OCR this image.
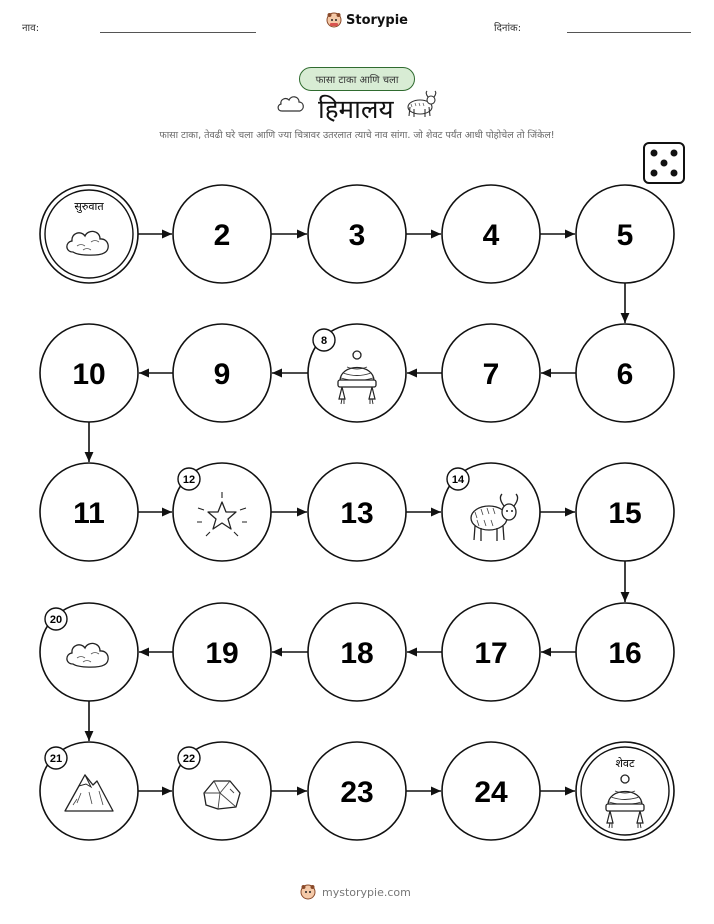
नाव:
Storypie
दिनांक:
फासा टाका आणि चला
हिमालय
फासा टाका, तेवढी घरे चला आणि ज्या चित्रावर उतरलात त्याचे नाव सांगा. जो शेवट पर्यंत आधी पोहोचेल तो जिंकेल!
सुरुवात
2	3	4	5
6
7
8
9
10
11
12
13
14
15
16
17
18
19
20
21	22
23	24
शेवट
mystorypie.com
